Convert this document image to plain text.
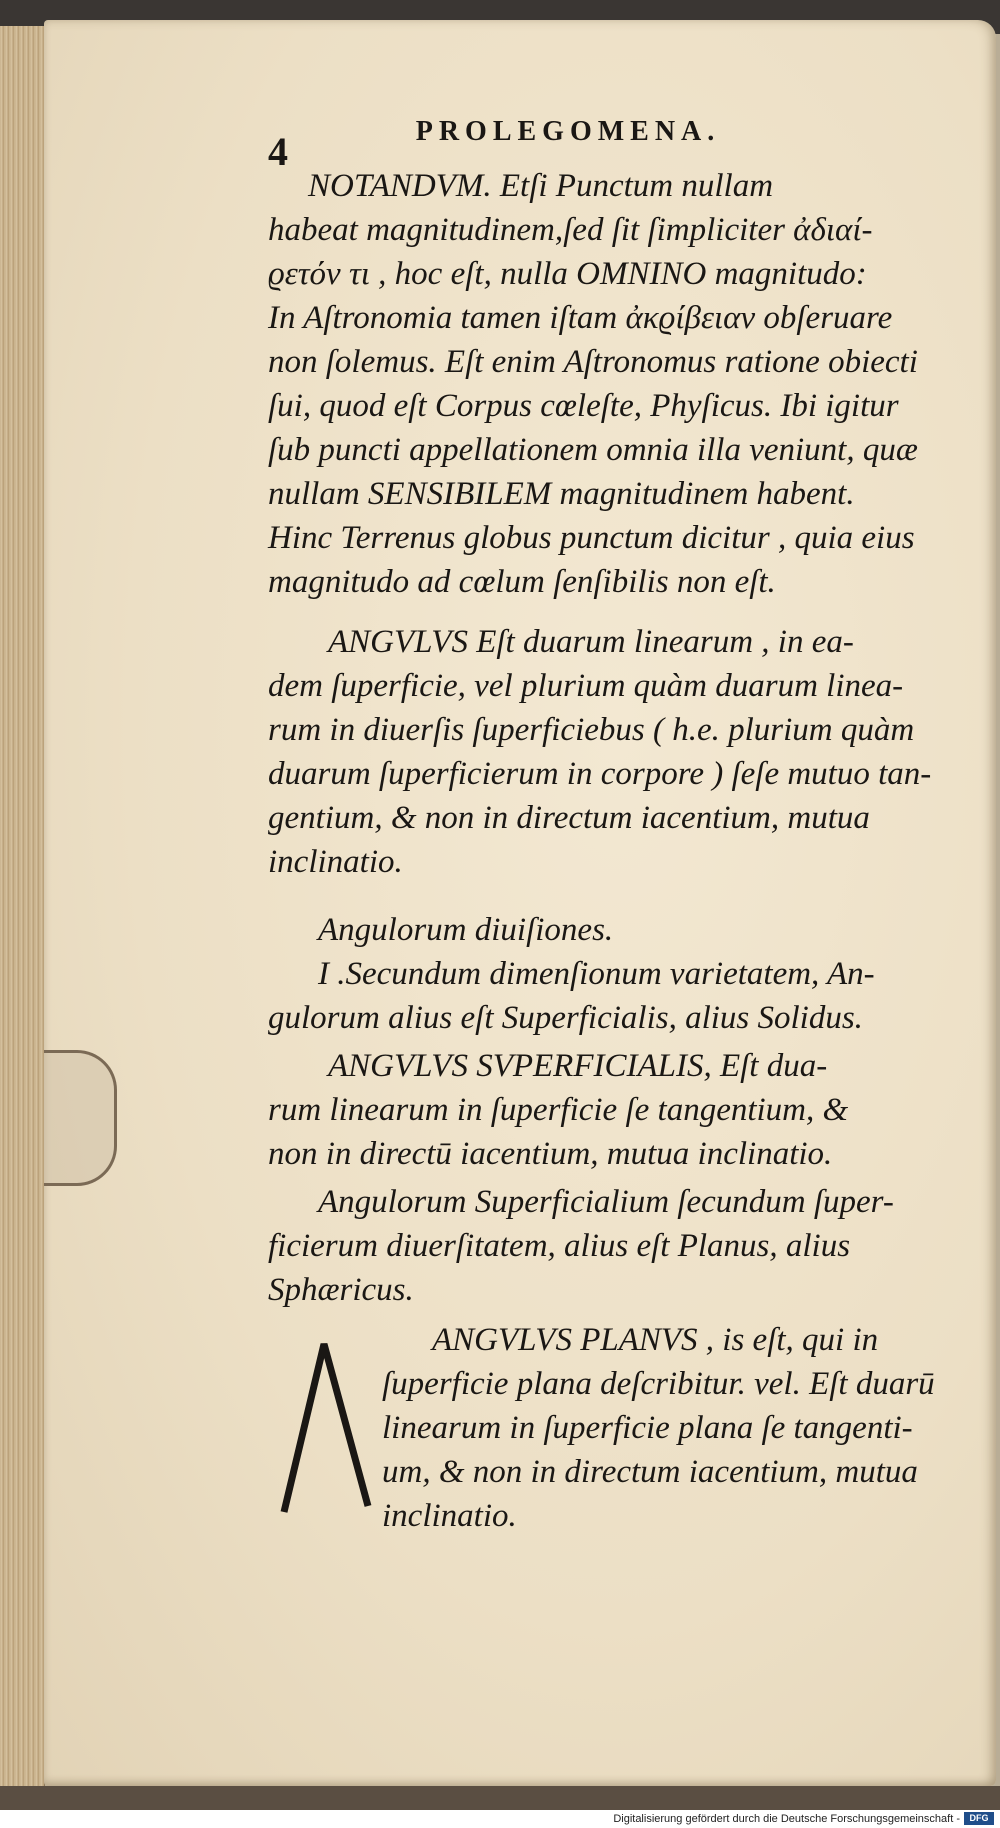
4	PROLEGOMENA.
NOTANDVM. Etſi Punctum nullam
habeat magnitudinem,ſed ſit ſimpliciter ἀδιαί-
ϱετόν τι , hoc eſt, nulla OMNINO magnitudo:
In Aſtronomia tamen iſtam ἀκϱίβειαν obſeruare
non ſolemus. Eſt enim Aſtronomus ratione obiecti
ſui, quod eſt Corpus cœleſte, Phyſicus. Ibi igitur
ſub puncti appellationem omnia illa veniunt, quæ
nullam SENSIBILEM magnitudinem habent.
Hinc Terrenus globus punctum dicitur , quia eius
magnitudo ad cœlum ſenſibilis non eſt.
ANGVLVS Eſt duarum linearum , in ea-
dem ſuperficie, vel plurium quàm duarum linea-
rum in diuerſis ſuperficiebus ( h.e. plurium quàm
duarum ſuperficierum in corpore ) ſeſe mutuo tan-
gentium, & non in directum iacentium, mutua
inclinatio.
Angulorum diuiſiones.
I .Secundum dimenſionum varietatem, An-
gulorum alius eſt Superficialis, alius Solidus.
ANGVLVS SVPERFICIALIS, Eſt dua-
rum linearum in ſuperficie ſe tangentium, &
non in directū iacentium, mutua inclinatio.
Angulorum Superficialium ſecundum ſuper-
ficierum diuerſitatem, alius eſt Planus, alius
Sphæricus.
ANGVLVS PLANVS , is eſt, qui in
ſuperficie plana deſcribitur. vel. Eſt duarū
linearum in ſuperficie plana ſe tangenti-
um, & non in directum iacentium, mutua
inclinatio.
Digitalisierung gefördert durch die Deutsche Forschungsgemeinschaft -	DFG
